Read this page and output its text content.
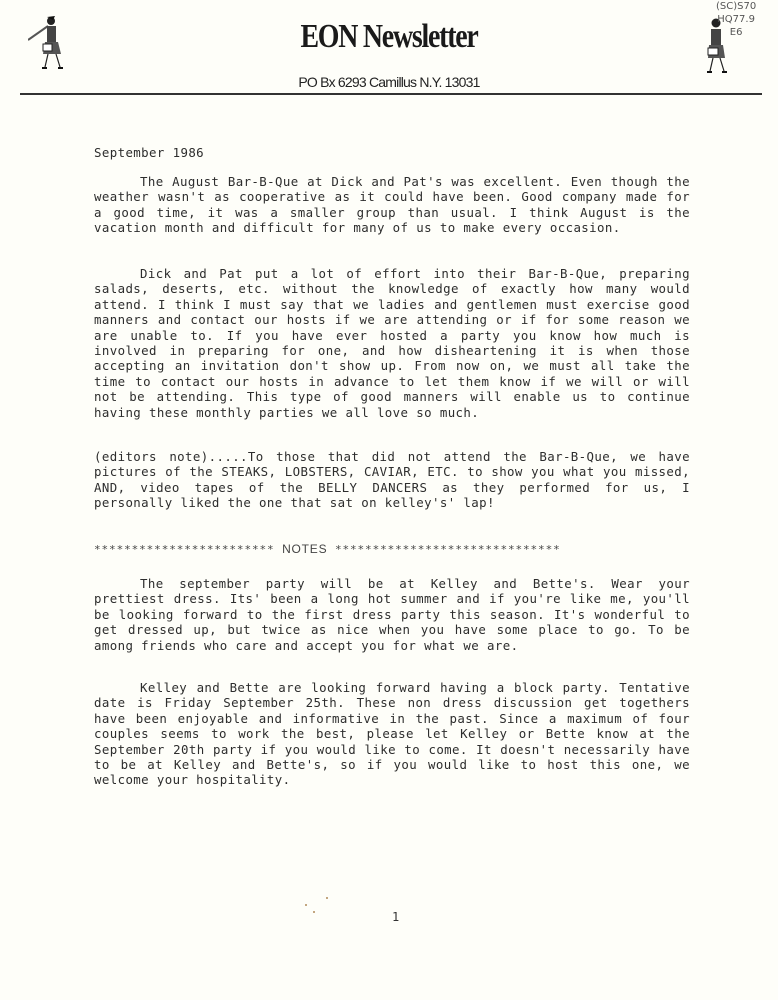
EON Newsletter
PO Bx 6293 Camillus N.Y. 13031
(SC)S70
HQ77.9
E6
September 1986

The August Bar-B-Que at Dick and Pat's was excellent. Even though the weather wasn't as cooperative as it could have been. Good company made for a good time, it was a smaller group than usual. I think August is the vacation month and difficult for many of us to make every occasion.

Dick and Pat put a lot of effort into their Bar-B-Que, preparing salads, deserts, etc. without the knowledge of exactly how many would attend. I think I must say that we ladies and gentlemen must exercise good manners and contact our hosts if we are attending or if for some reason we are unable to. If you have ever hosted a party you know how much is involved in preparing for one, and how disheartening it is when those accepting an invitation don't show up. From now on, we must all take the time to contact our hosts in advance to let them know if we will or will not be attending. This type of good manners will enable us to continue having these monthly parties we all love so much.

(editors note).....To those that did not attend the Bar-B-Que, we have pictures of the STEAKS, LOBSTERS, CAVIAR, ETC. to show you what you missed, AND, video tapes of the BELLY DANCERS as they performed for us, I personally liked the one that sat on kelley's' lap!

************************ NOTES ******************************

The september party will be at Kelley and Bette's. Wear your prettiest dress. Its' been a long hot summer and if you're like me, you'll be looking forward to the first dress party this season. It's wonderful to get dressed up, but twice as nice when you have some place to go. To be among friends who care and accept you for what we are.

Kelley and Bette are looking forward having a block party. Tentative date is Friday September 25th. These non dress discussion get togethers have been enjoyable and informative in the past. Since a maximum of four couples seems to work the best, please let Kelley or Bette know at the September 20th party if you would like to come. It doesn't necessarily have to be at Kelley and Bette's, so if you would like to host this one, we welcome your hospitality.

1
